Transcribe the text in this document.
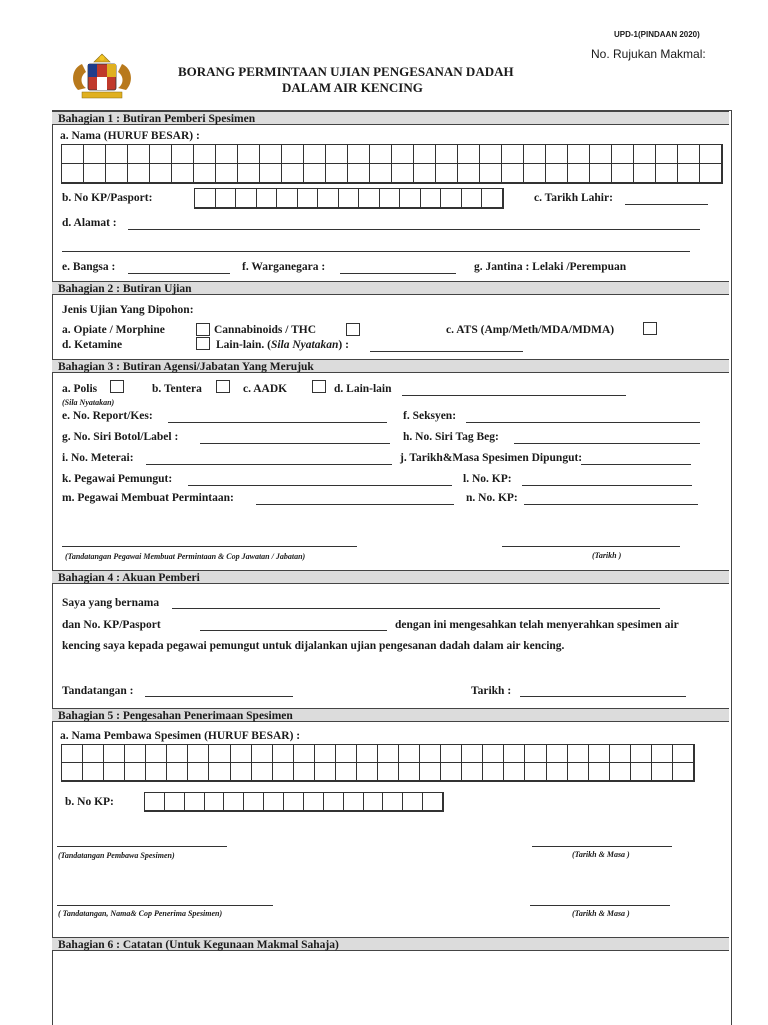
UPD-1(PINDAAN 2020)
No. Rujukan Makmal:
BORANG PERMINTAAN UJIAN PENGESANAN DADAH
DALAM AIR KENCING
Bahagian 1 : Butiran Pemberi Spesimen
a. Nama (HURUF BESAR) :
b. No KP/Pasport:	c. Tarikh Lahir:
d. Alamat :
e. Bangsa :	f. Warganegara :	g. Jantina : Lelaki /Perempuan
Bahagian 2 : Butiran Ujian
Jenis Ujian Yang Dipohon:
a. Opiate / Morphine	Cannabinoids / THC	c. ATS (Amp/Meth/MDA/MDMA)
d. Ketamine	Lain-lain. (Sila Nyatakan) :
Bahagian 3 : Butiran Agensi/Jabatan Yang Merujuk
a. Polis
(Sila Nyatakan)
b. Tentera	c. AADK	d. Lain-lain
e. No. Report/Kes:	f. Seksyen:
g. No. Siri Botol/Label :	h. No. Siri Tag Beg:
i. No. Meterai:	j. Tarikh&Masa Spesimen Dipungut:
k. Pegawai Pemungut:	l. No. KP:
m. Pegawai Membuat Permintaan:	n. No. KP:
(Tandatangan Pegawai Membuat Permintaan & Cop Jawatan / Jabatan)	(Tarikh )
Bahagian 4 : Akuan Pemberi
Saya yang bernama
dan No. KP/Pasport	dengan ini mengesahkan telah menyerahkan spesimen air
kencing saya kepada pegawai pemungut untuk dijalankan ujian pengesanan dadah dalam air kencing.
Tandatangan :	Tarikh :
Bahagian 5 : Pengesahan Penerimaan Spesimen
a. Nama Pembawa Spesimen (HURUF BESAR) :
b. No KP:
(Tandatangan Pembawa Spesimen)	(Tarikh & Masa )
( Tandatangan, Nama& Cop Penerima Spesimen)	(Tarikh & Masa )
Bahagian 6 : Catatan (Untuk Kegunaan Makmal Sahaja)
